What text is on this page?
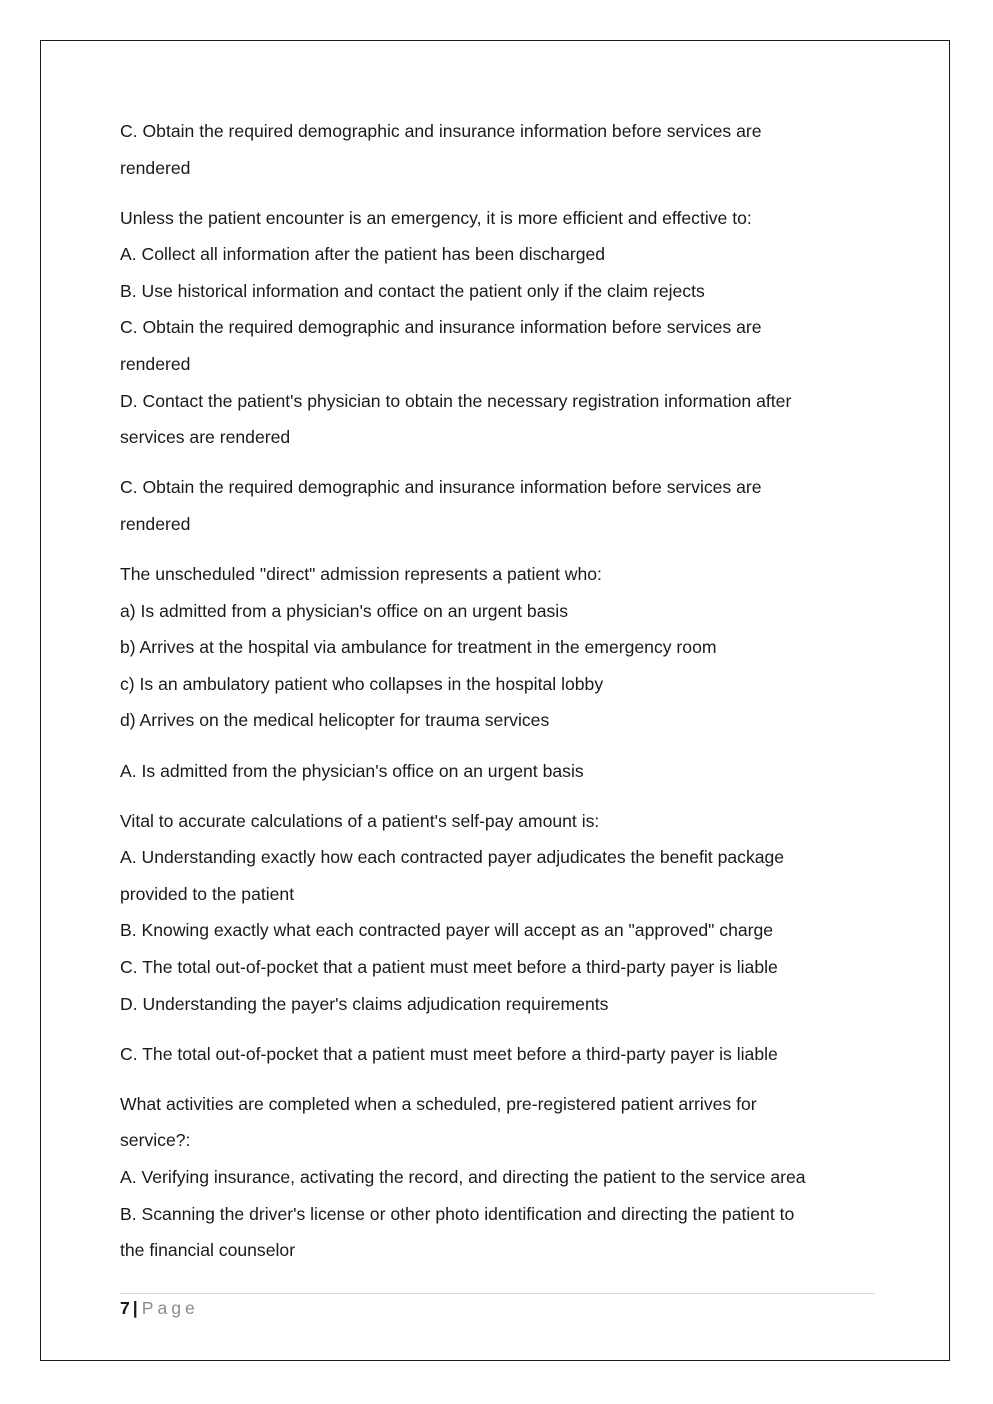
C. Obtain the required demographic and insurance information before services are

rendered

Unless the patient encounter is an emergency, it is more efficient and effective to:

A. Collect all information after the patient has been discharged

B. Use historical information and contact the patient only if the claim rejects

C. Obtain the required demographic and insurance information before services are

rendered

D. Contact the patient's physician to obtain the necessary registration information after

services are rendered

C. Obtain the required demographic and insurance information before services are

rendered

The unscheduled "direct" admission represents a patient who:

a) Is admitted from a physician's office on an urgent basis

b) Arrives at the hospital via ambulance for treatment in the emergency room

c) Is an ambulatory patient who collapses in the hospital lobby

d) Arrives on the medical helicopter for trauma services

A. Is admitted from the physician's office on an urgent basis

Vital to accurate calculations of a patient's self-pay amount is:

A. Understanding exactly how each contracted payer adjudicates the benefit package

provided to the patient

B. Knowing exactly what each contracted payer will accept as an "approved" charge

C. The total out-of-pocket that a patient must meet before a third-party payer is liable

D. Understanding the payer's claims adjudication requirements

C. The total out-of-pocket that a patient must meet before a third-party payer is liable

What activities are completed when a scheduled, pre-registered patient arrives for

service?:

A. Verifying insurance, activating the record, and directing the patient to the service area

B. Scanning the driver's license or other photo identification and directing the patient to

the financial counselor

7 | Page
